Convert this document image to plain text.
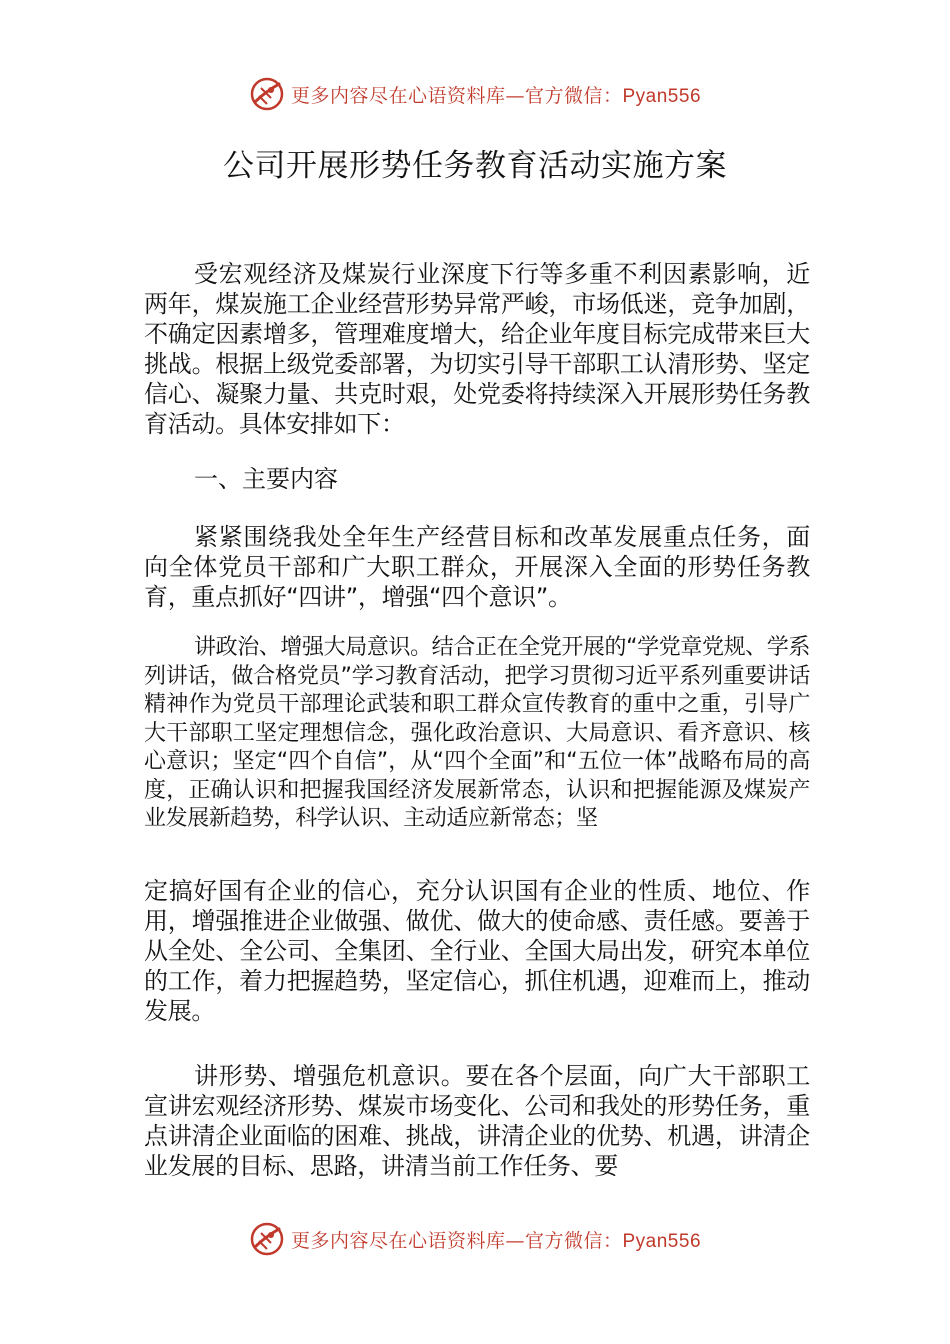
更多内容尽在心语资料库—官方微信：Pyan556
公司开展形势任务教育活动实施方案

受宏观经济及煤炭行业深度下行等多重不利因素影响，近两年，煤炭施工企业经营形势异常严峻，市场低迷，竞争加剧，不确定因素增多，管理难度增大，给企业年度目标完成带来巨大挑战。根据上级党委部署，为切实引导干部职工认清形势、坚定信心、凝聚力量、共克时艰，处党委将持续深入开展形势任务教育活动。具体安排如下：

一、主要内容

紧紧围绕我处全年生产经营目标和改革发展重点任务，面向全体党员干部和广大职工群众，开展深入全面的形势任务教育，重点抓好“四讲”，增强“四个意识”。

讲政治、增强大局意识。结合正在全党开展的“学党章党规、学系列讲话，做合格党员”学习教育活动，把学习贯彻习近平系列重要讲话精神作为党员干部理论武装和职工群众宣传教育的重中之重，引导广大干部职工坚定理想信念，强化政治意识、大局意识、看齐意识、核心意识；坚定“四个自信”，从“四个全面”和“五位一体”战略布局的高度，正确认识和把握我国经济发展新常态，认识和把握能源及煤炭产业发展新趋势，科学认识、主动适应新常态；坚

定搞好国有企业的信心，充分认识国有企业的性质、地位、作用，增强推进企业做强、做优、做大的使命感、责任感。要善于从全处、全公司、全集团、全行业、全国大局出发，研究本单位的工作，着力把握趋势，坚定信心，抓住机遇，迎难而上，推动发展。

讲形势、增强危机意识。要在各个层面，向广大干部职工宣讲宏观经济形势、煤炭市场变化、公司和我处的形势任务，重点讲清企业面临的困难、挑战，讲清企业的优势、机遇，讲清企业发展的目标、思路，讲清当前工作任务、要

更多内容尽在心语资料库—官方微信：Pyan556
